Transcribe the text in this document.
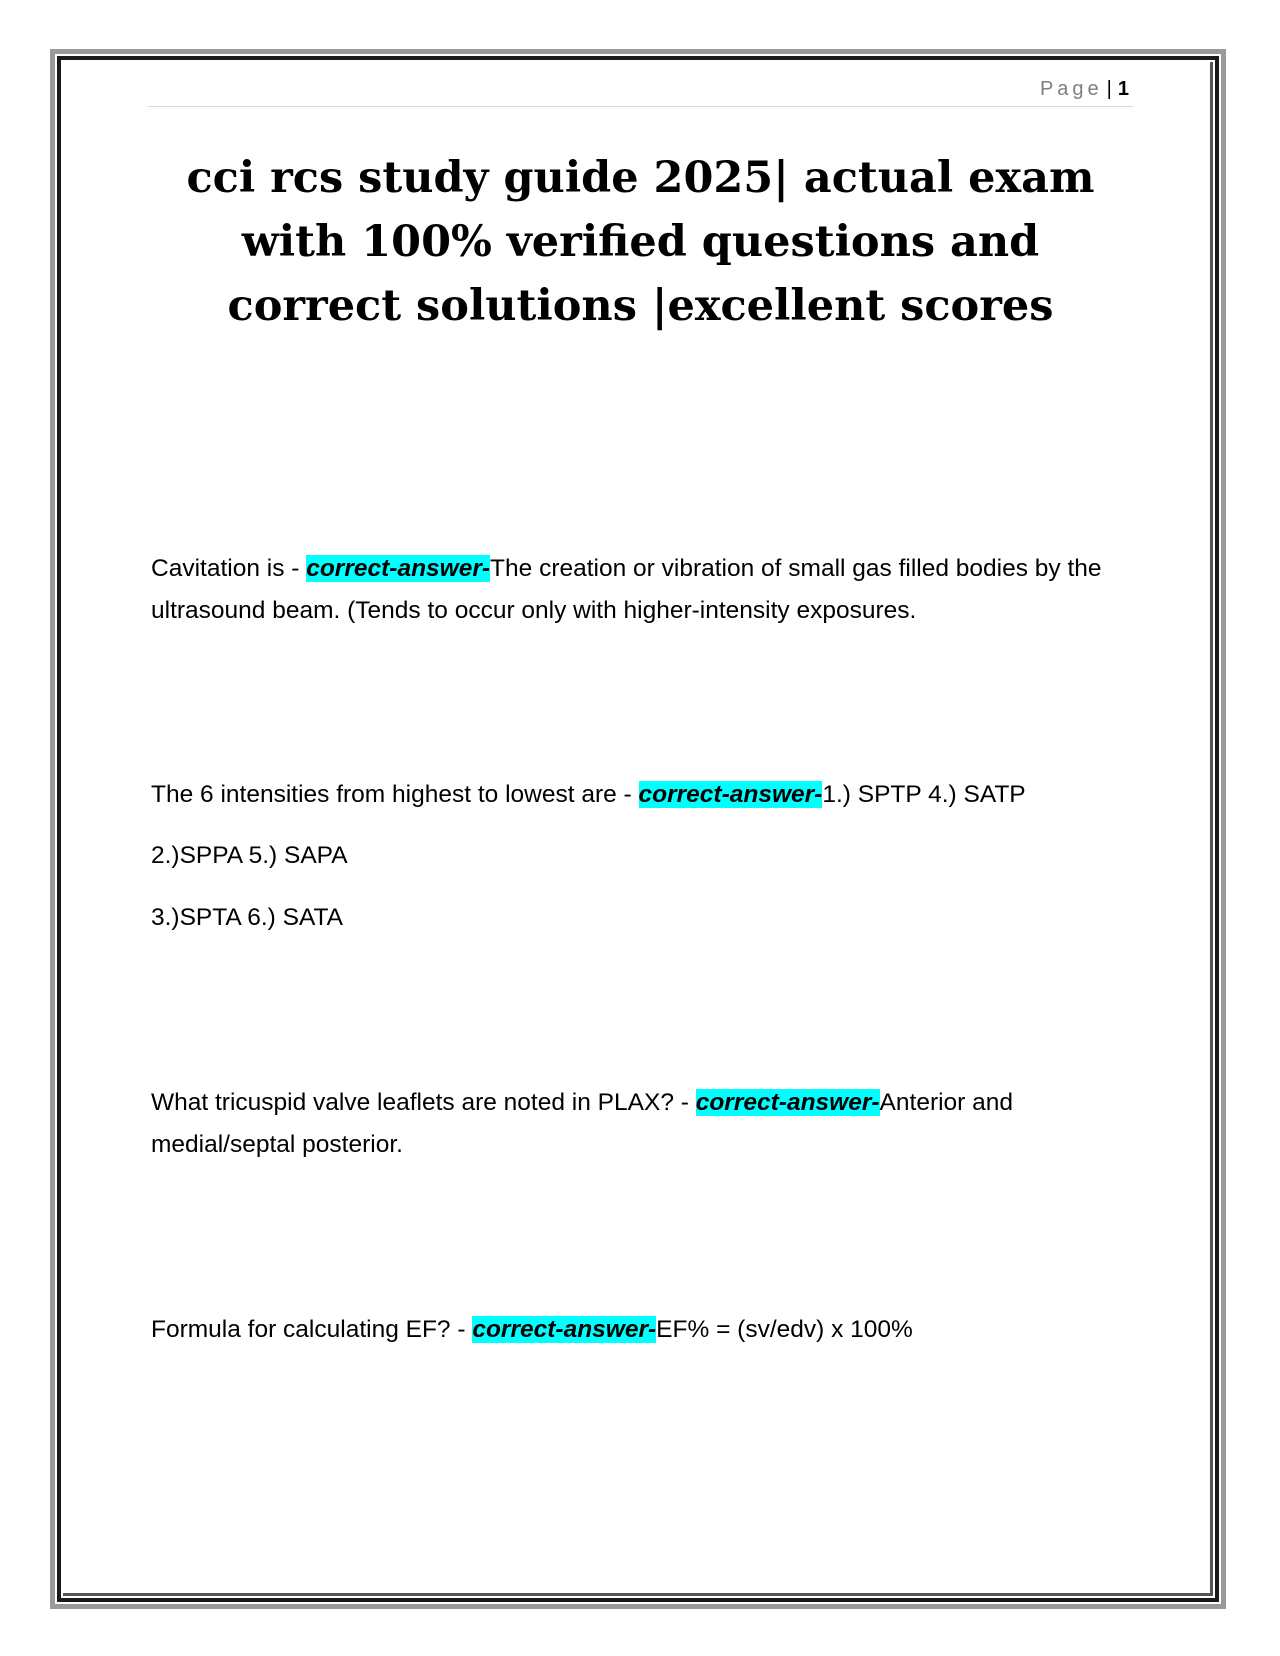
Page | 1
cci rcs study guide 2025| actual exam with 100% verified questions and correct solutions |excellent scores

Cavitation is - correct-answer-The creation or vibration of small gas filled bodies by the ultrasound beam. (Tends to occur only with higher-intensity exposures.

The 6 intensities from highest to lowest are - correct-answer-1.) SPTP 4.) SATP

2.)SPPA 5.) SAPA

3.)SPTA 6.) SATA

What tricuspid valve leaflets are noted in PLAX? - correct-answer-Anterior and medial/septal posterior.

Formula for calculating EF? - correct-answer-EF% = (sv/edv) x 100%
